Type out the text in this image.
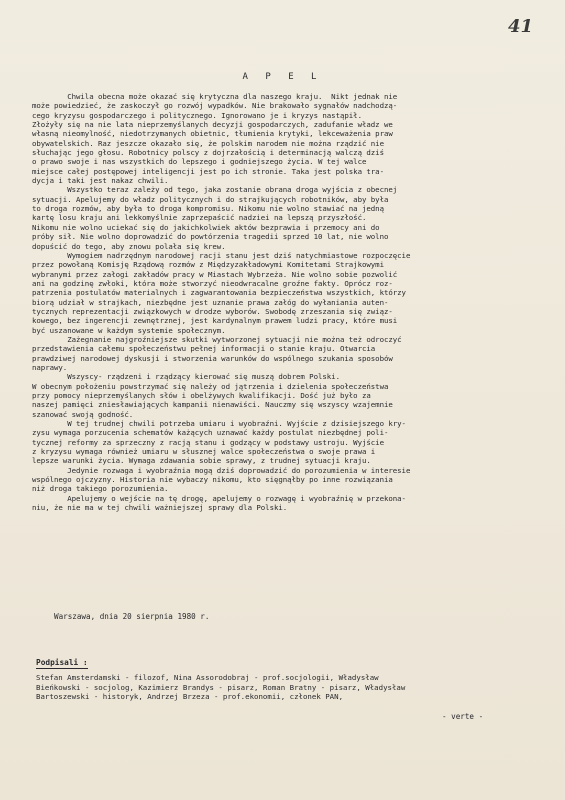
41
A P E L
Chwila obecna może okazać się krytyczna dla naszego kraju.  Nikt jednak nie
może powiedzieć, że zaskoczył go rozwój wypadków. Nie brakowało sygnałów nadchodzą-
cego kryzysu gospodarczego i politycznego. Ignorowano je i kryzys nastąpił.
Złożyły się na nie lata nieprzemyślanych decyzji gospodarczych, zadufanie władz we
własną nieomylność, niedotrzymanych obietnic, tłumienia krytyki, lekceważenia praw
obywatelskich. Raz jeszcze okazało się, że polskim narodem nie można rządzić nie
słuchając jego głosu. Robotnicy polscy z dojrzałością i determinacją walczą dziś
o prawo swoje i nas wszystkich do lepszego i godniejszego życia. W tej walce
miejsce całej postępowej inteligencji jest po ich stronie. Taka jest polska tra-
dycja i taki jest nakaz chwili.
Wszystko teraz zależy od tego, jaka zostanie obrana droga wyjścia z obecnej
sytuacji. Apelujemy do władz politycznych i do strajkujących robotników, aby była
to droga rozmów, aby była to droga kompromisu. Nikomu nie wolno stawiać na jedną
kartę losu kraju ani lekkomyślnie zaprzepaścić nadziei na lepszą przyszłość.
Nikomu nie wolno uciekać się do jakichkolwiek aktów bezprawia i przemocy ani do
próby sił. Nie wolno doprowadzić do powtórzenia tragedii sprzed 10 lat, nie wolno
dopuścić do tego, aby znowu polała się krew.
Wymogiem nadrzędnym narodowej racji stanu jest dziś natychmiastowe rozpoczęcie
przez powołaną Komisję Rządową rozmów z Międzyzakładowymi Komitetami Strajkowymi
wybranymi przez załogi zakładów pracy w Miastach Wybrzeża. Nie wolno sobie pozwolić
ani na godzinę zwłoki, która może stworzyć nieodwracalne groźne fakty. Oprócz roz-
patrzenia postulatów materialnych i zagwarantowania bezpieczeństwa wszystkich, którzy
biorą udział w strajkach, niezbędne jest uznanie prawa załóg do wyłaniania auten-
tycznych reprezentacji związkowych w drodze wyborów. Swobodę zrzeszania się związ-
kowego, bez ingerencji zewnętrznej, jest kardynalnym prawem ludzi pracy, które musi
być uszanowane w każdym systemie społecznym.
Zażegnanie najgroźniejsze skutki wytworzonej sytuacji nie można też odroczyć
przedstawienia całemu społeczeństwu pełnej informacji o stanie kraju. Otwarcia
prawdziwej narodowej dyskusji i stworzenia warunków do wspólnego szukania sposobów
naprawy.
Wszyscy- rządzeni i rządzący kierować się muszą dobrem Polski.
W obecnym położeniu powstrzymać się należy od jątrzenia i dzielenia społeczeństwa
przy pomocy nieprzemyślanych słów i obelżywych kwalifikacji. Dość już było za
naszej pamięci zniesławiających kampanii nienawiści. Nauczmy się wszyscy wzajemnie
szanować swoją godność.
W tej trudnej chwili potrzeba umiaru i wyobraźni. Wyjście z dzisiejszego kry-
zysu wymaga porzucenia schematów każących uznawać każdy postulat niezbędnej poli-
tycznej reformy za sprzeczny z racją stanu i godzący w podstawy ustroju. Wyjście
z kryzysu wymaga również umiaru w słusznej walce społeczeństwa o swoje prawa i
lepsze warunki życia. Wymaga zdawania sobie sprawy, z trudnej sytuacji kraju.
Jedynie rozwaga i wyobraźnia mogą dziś doprowadzić do porozumienia w interesie
wspólnego ojczyzny. Historia nie wybaczy nikomu, kto sięgnąłby po inne rozwiązania
niż droga takiego porozumienia.
Apelujemy o wejście na tę drogę, apelujemy o rozwagę i wyobraźnię w przekona-
niu, że nie ma w tej chwili ważniejszej sprawy dla Polski.
Warszawa, dnia 20 sierpnia 1980 r.
Podpisali :
Stefan Amsterdamski - filozof, Nina Assorodobraj - prof.socjologii, Władysław
Bieńkowski - socjolog, Kazimierz Brandys - pisarz, Roman Bratny - pisarz, Władysław
Bartoszewski - historyk, Andrzej Brzeza - prof.ekonomii, członek PAN,
- verte -
